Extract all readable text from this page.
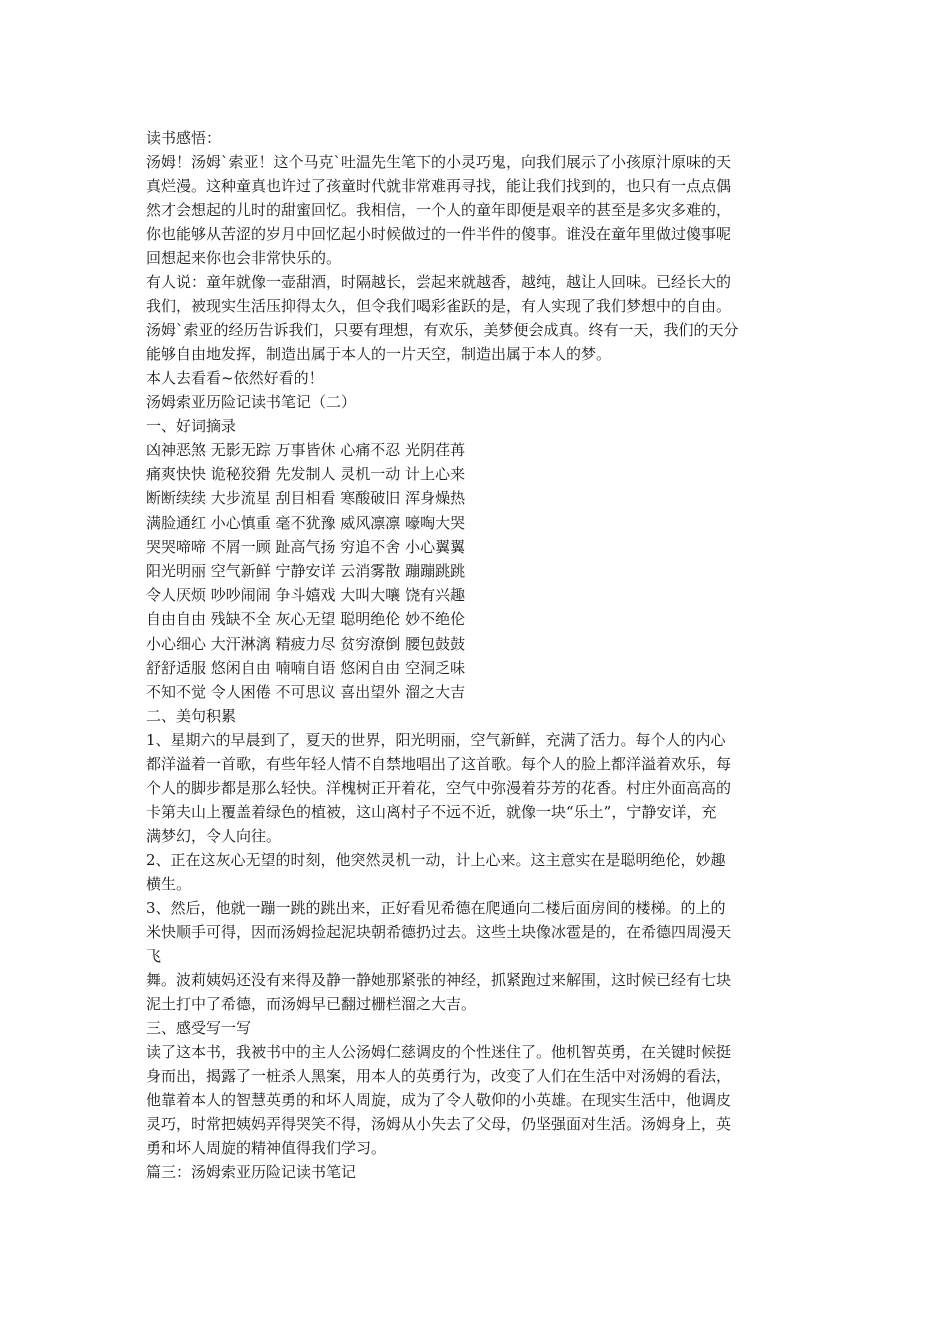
读书感悟：
汤姆！汤姆`索亚！这个马克`吐温先生笔下的小灵巧鬼，向我们展示了小孩原汁原味的天
真烂漫。这种童真也许过了孩童时代就非常难再寻找，能让我们找到的，也只有一点点偶
然才会想起的儿时的甜蜜回忆。我相信，一个人的童年即便是艰辛的甚至是多灾多难的，
你也能够从苦涩的岁月中回忆起小时候做过的一件半件的傻事。谁没在童年里做过傻事呢
回想起来你也会非常快乐的。
有人说：童年就像一壶甜酒，时隔越长，尝起来就越香，越纯，越让人回味。已经长大的
我们，被现实生活压抑得太久，但令我们喝彩雀跃的是，有人实现了我们梦想中的自由。
汤姆`索亚的经历告诉我们，只要有理想，有欢乐，美梦便会成真。终有一天，我们的天分
能够自由地发挥，制造出属于本人的一片天空，制造出属于本人的梦。
本人去看看~依然好看的！
汤姆索亚历险记读书笔记（二）
一、好词摘录
凶神恶煞 无影无踪 万事皆休 心痛不忍 光阴荏苒
痛爽快快 诡秘狡猾 先发制人 灵机一动 计上心来
断断续续 大步流星 刮目相看 寒酸破旧 浑身燥热
满脸通红 小心慎重 毫不犹豫 威风凛凛 嚎啕大哭
哭哭啼啼 不屑一顾 趾高气扬 穷追不舍 小心翼翼
阳光明丽 空气新鲜 宁静安详 云消雾散 蹦蹦跳跳
令人厌烦 吵吵闹闹 争斗嬉戏 大叫大嚷 饶有兴趣
自由自由 残缺不全 灰心无望 聪明绝伦 妙不绝伦
小心细心 大汗淋漓 精疲力尽 贫穷潦倒 腰包鼓鼓
舒舒适服 悠闲自由 喃喃自语 悠闲自由 空洞乏味
不知不觉 令人困倦 不可思议 喜出望外 溜之大吉
二、美句积累
1、星期六的早晨到了，夏天的世界，阳光明丽，空气新鲜，充满了活力。每个人的内心
都洋溢着一首歌，有些年轻人情不自禁地唱出了这首歌。每个人的脸上都洋溢着欢乐，每
个人的脚步都是那么轻快。洋槐树正开着花，空气中弥漫着芬芳的花香。村庄外面高高的
卡第夫山上覆盖着绿色的植被，这山离村子不远不近，就像一块“乐土”，宁静安详，充
满梦幻，令人向往。
2、正在这灰心无望的时刻，他突然灵机一动，计上心来。这主意实在是聪明绝伦，妙趣
横生。
3、然后，他就一蹦一跳的跳出来，正好看见希德在爬通向二楼后面房间的楼梯。的上的
米快顺手可得，因而汤姆捡起泥块朝希德扔过去。这些土块像冰雹是的，在希德四周漫天
飞
舞。波莉姨妈还没有来得及静一静她那紧张的神经，抓紧跑过来解围，这时候已经有七块
泥土打中了希德，而汤姆早已翻过栅栏溜之大吉。
三、感受写一写
读了这本书，我被书中的主人公汤姆仁慈调皮的个性迷住了。他机智英勇，在关键时候挺
身而出，揭露了一桩杀人黑案，用本人的英勇行为，改变了人们在生活中对汤姆的看法，
他靠着本人的智慧英勇的和坏人周旋，成为了令人敬仰的小英雄。在现实生活中，他调皮
灵巧，时常把姨妈弄得哭笑不得，汤姆从小失去了父母，仍坚强面对生活。汤姆身上，英
勇和坏人周旋的精神值得我们学习。
篇三：汤姆索亚历险记读书笔记
